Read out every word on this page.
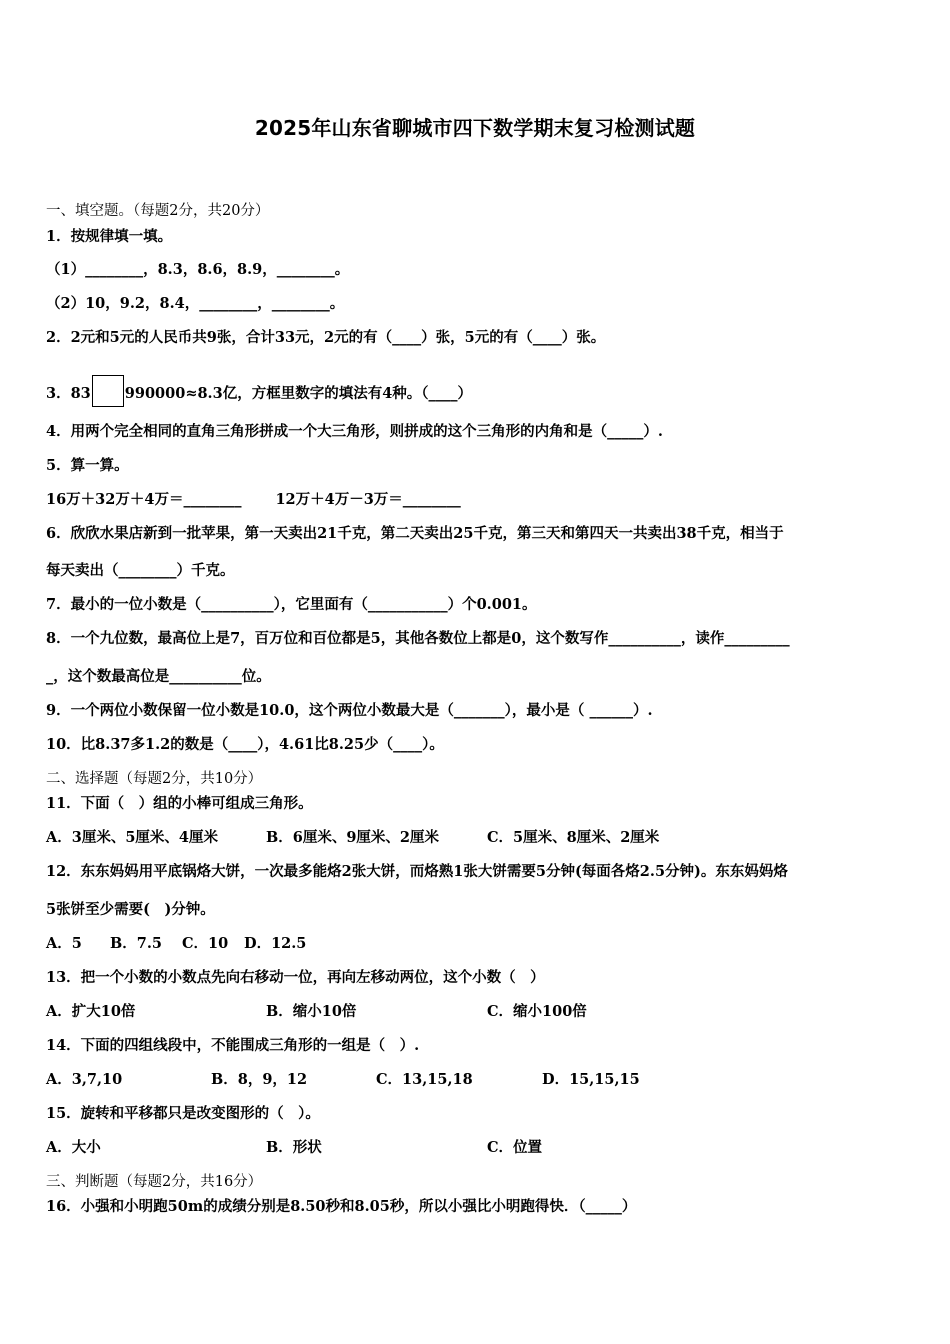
2025年山东省聊城市四下数学期末复习检测试题
一、填空题。（每题2分，共20分）
1．按规律填一填。
（1）________，8.3，8.6，8.9，________。
（2）10，9.2，8.4，________，________。
2．2元和5元的人民币共9张，合计33元，2元的有（____）张，5元的有（____）张。
3．83 990000≈8.3亿，方框里数字的填法有4种。（____）
4．用两个完全相同的直角三角形拼成一个大三角形，则拼成的这个三角形的内角和是（_____）.
5．算一算。
16万＋32万＋4万＝________ 12万＋4万－3万＝________
6．欣欣水果店新到一批苹果，第一天卖出21千克，第二天卖出25千克，第三天和第四天一共卖出38千克，相当于
每天卖出（________）千克。
7．最小的一位小数是（__________），它里面有（___________）个0.001。
8．一个九位数，最高位上是7，百万位和百位都是5，其他各数位上都是0，这个数写作__________，读作_________
_，这个数最高位是__________位。
9．一个两位小数保留一位小数是10.0，这个两位小数最大是（_______），最小是（ ______）.
10．比8.37多1.2的数是（____），4.61比8.25少（____）。
二、选择题（每题2分，共10分）
11．下面（　）组的小棒可组成三角形。
A．3厘米、5厘米、4厘米	B．6厘米、9厘米、2厘米	C．5厘米、8厘米、2厘米
12．东东妈妈用平底锅烙大饼，一次最多能烙2张大饼，而烙熟1张大饼需要5分钟(每面各烙2.5分钟)。东东妈妈烙
5张饼至少需要(　)分钟。
A．5 B．7.5 C．10 D．12.5
13．把一个小数的小数点先向右移动一位，再向左移动两位，这个小数（　）
A．扩大10倍	B．缩小10倍	C．缩小100倍
14．下面的四组线段中，不能围成三角形的一组是（　）.
A．3,7,10	B．8，9，12	C．13,15,18	D．15,15,15
15．旋转和平移都只是改变图形的（　）。
A．大小	B．形状	C．位置
三、判断题（每题2分，共16分）
16．小强和小明跑50m的成绩分别是8.50秒和8.05秒，所以小强比小明跑得快．（_____）
